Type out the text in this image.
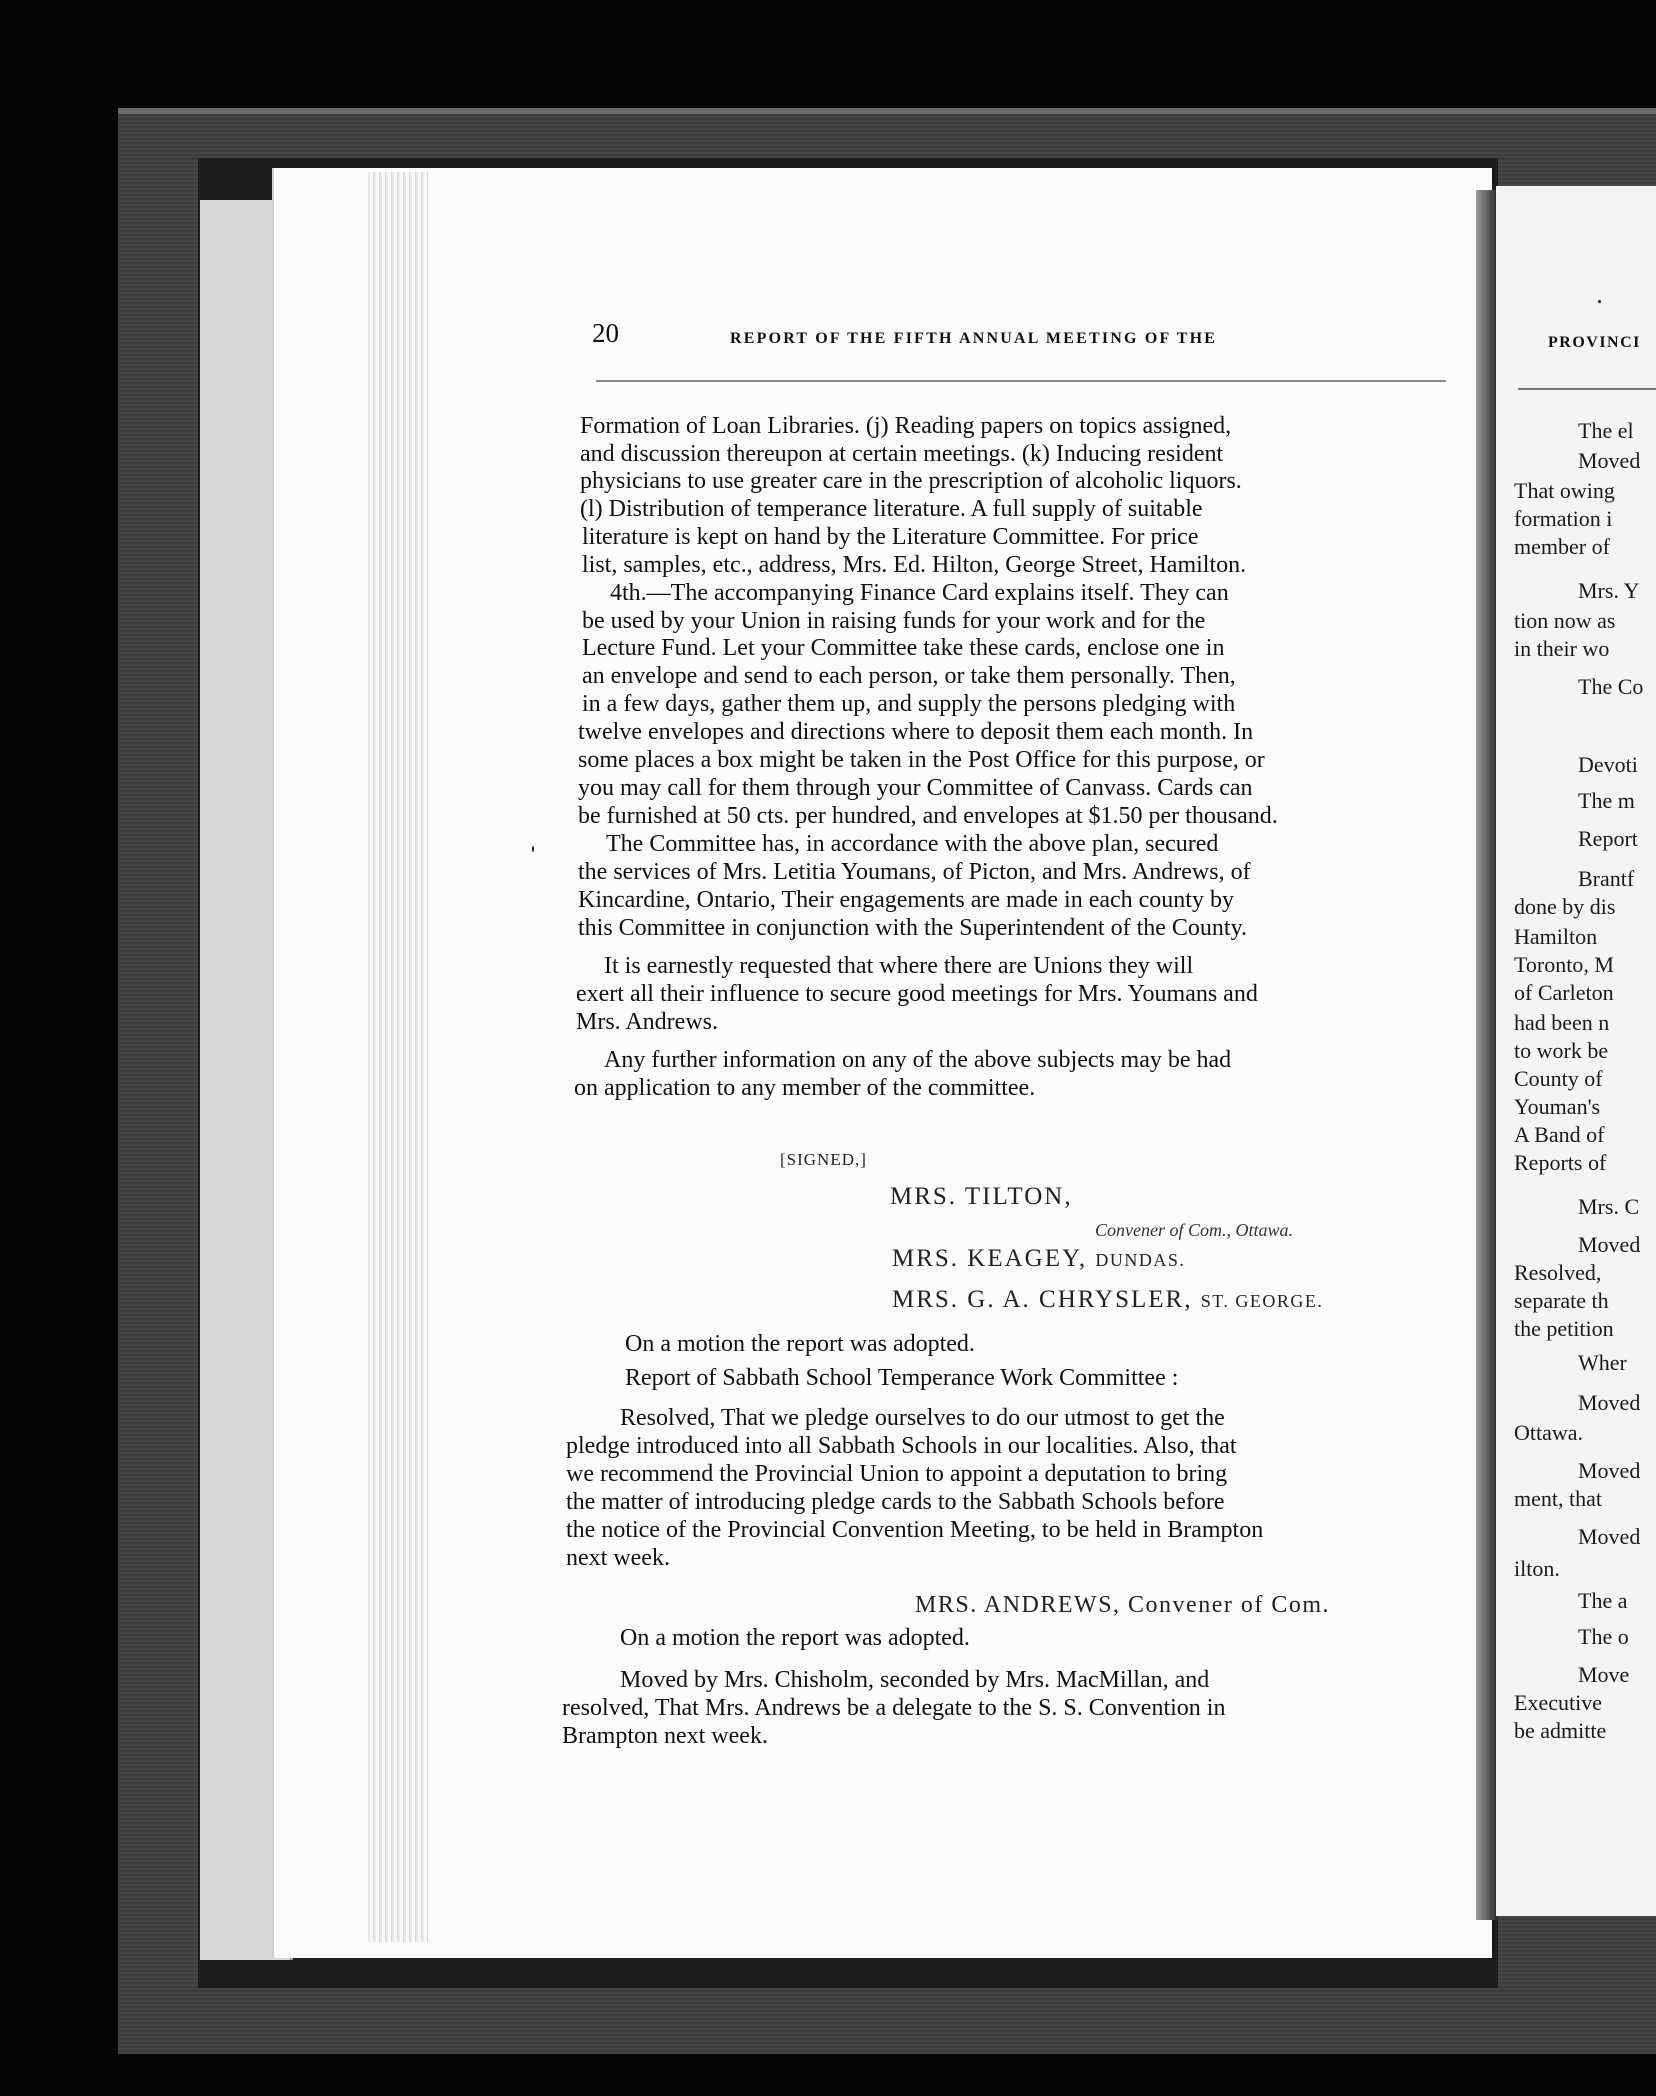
PROVINCI
The el
Moved
That owing
formation i
member of
Mrs. Y
tion now as
in their wo
The Co
Devoti
The m
Report
Brantf
done by dis
Hamilton
Toronto, M
of Carleton
had been n
to work be
County of
Youman's
A Band of
Reports of
Mrs. C
Moved
Resolved,
separate th
the petition
Wher
Moved
Ottawa.
Moved
ment, that
Moved
ilton.
The a
The o
Move
Executive
be admitte
20	REPORT OF THE FIFTH ANNUAL MEETING OF THE
Formation of Loan Libraries. (j) Reading papers on topics assigned,
and discussion thereupon at certain meetings. (k) Inducing resident
physicians to use greater care in the prescription of alcoholic liquors.
(l) Distribution of temperance literature. A full supply of suitable
literature is kept on hand by the Literature Committee. For price
list, samples, etc., address, Mrs. Ed. Hilton, George Street, Hamilton.
4th.—The accompanying Finance Card explains itself. They can
be used by your Union in raising funds for your work and for the
Lecture Fund. Let your Committee take these cards, enclose one in
an envelope and send to each person, or take them personally. Then,
in a few days, gather them up, and supply the persons pledging with
twelve envelopes and directions where to deposit them each month. In
some places a box might be taken in the Post Office for this purpose, or
you may call for them through your Committee of Canvass. Cards can
be furnished at 50 cts. per hundred, and envelopes at $1.50 per thousand.
The Committee has, in accordance with the above plan, secured
the services of Mrs. Letitia Youmans, of Picton, and Mrs. Andrews, of
Kincardine, Ontario, Their engagements are made in each county by
this Committee in conjunction with the Superintendent of the County.
It is earnestly requested that where there are Unions they will
exert all their influence to secure good meetings for Mrs. Youmans and
Mrs. Andrews.
Any further information on any of the above subjects may be had
on application to any member of the committee.
[SIGNED,]
MRS. TILTON,
Convener of Com., Ottawa.
MRS. KEAGEY, DUNDAS.
MRS. G. A. CHRYSLER, ST. GEORGE.
MRS. ANDREWS, Convener of Com.
On a motion the report was adopted.
Report of Sabbath School Temperance Work Committee :
Resolved, That we pledge ourselves to do our utmost to get the
pledge introduced into all Sabbath Schools in our localities. Also, that
we recommend the Provincial Union to appoint a deputation to bring
the matter of introducing pledge cards to the Sabbath Schools before
the notice of the Provincial Convention Meeting, to be held in Brampton
next week.
On a motion the report was adopted.
Moved by Mrs. Chisholm, seconded by Mrs. MacMillan, and
resolved, That Mrs. Andrews be a delegate to the S. S. Convention in
Brampton next week.
